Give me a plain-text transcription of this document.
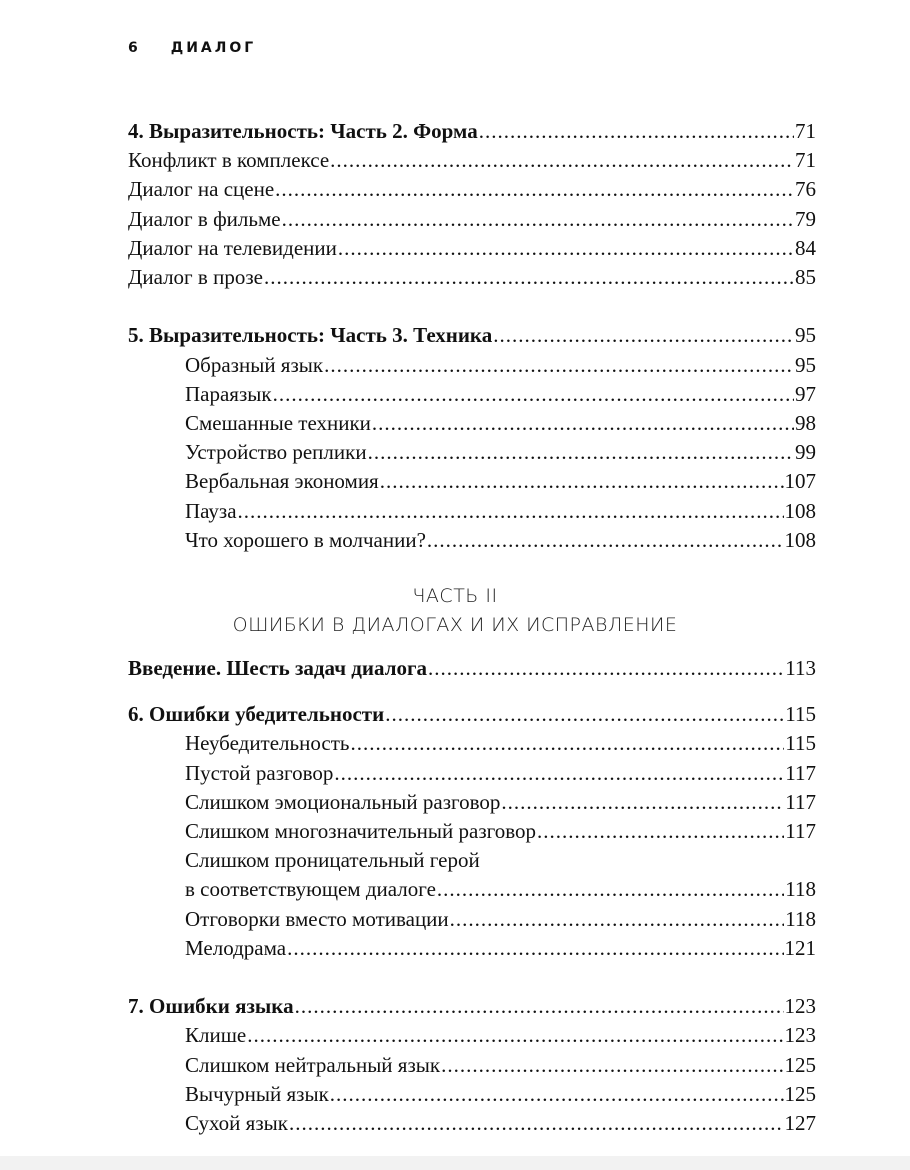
6 ДИАЛОГ
4. Выразительность: Часть 2. Форма .....	71
Конфликт в комплексе .....	71
Диалог на сцене .....	76
Диалог в фильме .....	79
Диалог на телевидении .....	84
Диалог в прозе .....	85
5. Выразительность: Часть 3. Техника .....	95
Образный язык .....	95
Параязык .....	97
Смешанные техники .....	98
Устройство реплики .....	99
Вербальная экономия .....	107
Пауза .....	108
Что хорошего в молчании? .....	108
ЧАСТЬ II
ОШИБКИ В ДИАЛОГАХ И ИХ ИСПРАВЛЕНИЕ
Введение. Шесть задач диалога .....	113
6. Ошибки убедительности .....	115
Неубедительность .....	115
Пустой разговор .....	117
Слишком эмоциональный разговор .....	117
Слишком многозначительный разговор .....	117
Слишком проницательный герой
в соответствующем диалоге .....	118
Отговорки вместо мотивации .....	118
Мелодрама .....	121
7. Ошибки языка .....	123
Клише .....	123
Слишком нейтральный язык .....	125
Вычурный язык .....	125
Сухой язык .....	127
